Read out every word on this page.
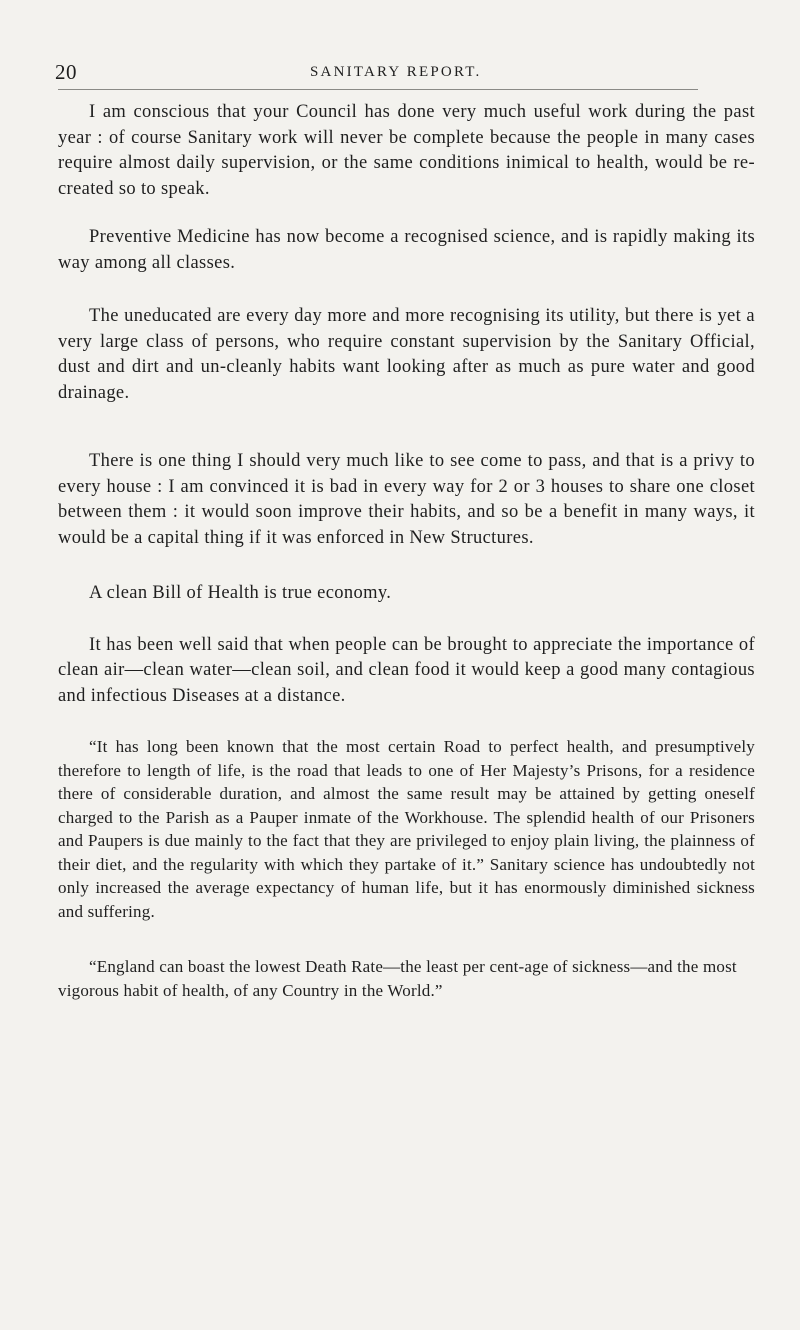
20	SANITARY REPORT.

I am conscious that your Council has done very much useful work during the past year : of course Sanitary work will never be complete because the people in many cases require almost daily supervision, or the same conditions inimical to health, would be re-created so to speak.

Preventive Medicine has now become a recognised science, and is rapidly making its way among all classes.

The uneducated are every day more and more recognising its utility, but there is yet a very large class of persons, who require constant supervision by the Sanitary Official, dust and dirt and un-cleanly habits want looking after as much as pure water and good drainage.

There is one thing I should very much like to see come to pass, and that is a privy to every house : I am convinced it is bad in every way for 2 or 3 houses to share one closet between them : it would soon improve their habits, and so be a benefit in many ways, it would be a capital thing if it was enforced in New Structures.

A clean Bill of Health is true economy.

It has been well said that when people can be brought to appreciate the importance of clean air—clean water—clean soil, and clean food it would keep a good many contagious and infectious Diseases at a distance.

“It has long been known that the most certain Road to perfect health, and presumptively therefore to length of life, is the road that leads to one of Her Majesty’s Prisons, for a residence there of considerable duration, and almost the same result may be attained by getting oneself charged to the Parish as a Pauper inmate of the Workhouse. The splendid health of our Prisoners and Paupers is due mainly to the fact that they are privileged to enjoy plain living, the plainness of their diet, and the regularity with which they partake of it.” Sanitary science has undoubtedly not only increased the average expectancy of human life, but it has enormously diminished sickness and suffering.

“England can boast the lowest Death Rate—the least per cent-age of sickness—and the most vigorous habit of health, of any Country in the World.”
